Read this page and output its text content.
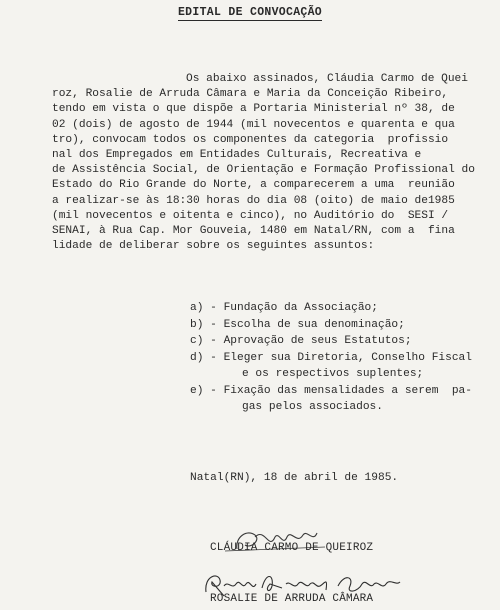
EDITAL DE CONVOCAÇÃO
Os abaixo assinados, Cláudia Carmo de Quei
roz, Rosalie de Arruda Câmara e Maria da Conceição Ribeiro,
tendo em vista o que dispõe a Portaria Ministerial nº 38, de
02 (dois) de agosto de 1944 (mil novecentos e quarenta e qua
tro), convocam todos os componentes da categoria  profissio
nal dos Empregados em Entidades Culturais, Recreativa e
de Assistência Social, de Orientação e Formação Profissional do
Estado do Rio Grande do Norte, a comparecerem a uma  reunião
a realizar-se às 18:30 horas do dia 08 (oito) de maio de1985
(mil novecentos e oitenta e cinco), no Auditório do  SESI /
SENAI, à Rua Cap. Mor Gouveia, 1480 em Natal/RN, com a  fina
lidade de deliberar sobre os seguintes assuntos:
a) - Fundação da Associação;
b) - Escolha de sua denominação;
c) - Aprovação de seus Estatutos;
d) - Eleger sua Diretoria, Conselho Fiscal
e os respectivos suplentes;
e) - Fixação das mensalidades a serem  pa-
gas pelos associados.
Natal(RN), 18 de abril de 1985.
CLÁUDIA CARMO DE QUEIROZ
ROSALIE DE ARRUDA CÂMARA
